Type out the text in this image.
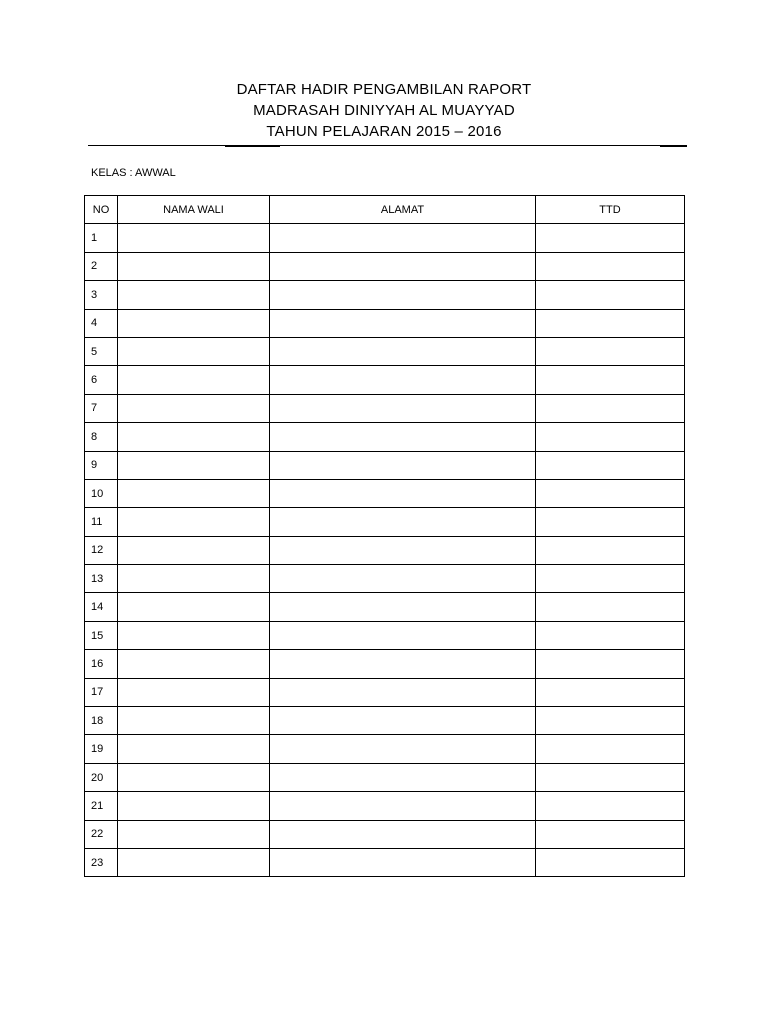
DAFTAR HADIR PENGAMBILAN RAPORT
MADRASAH DINIYYAH AL MUAYYAD
TAHUN PELAJARAN 2015 – 2016
KELAS : AWWAL
NO	NAMA WALI	ALAMAT	TTD
1			
2			
3			
4			
5			
6			
7			
8			
9			
10			
11			
12			
13			
14			
15			
16			
17			
18			
19			
20			
21			
22			
23			
